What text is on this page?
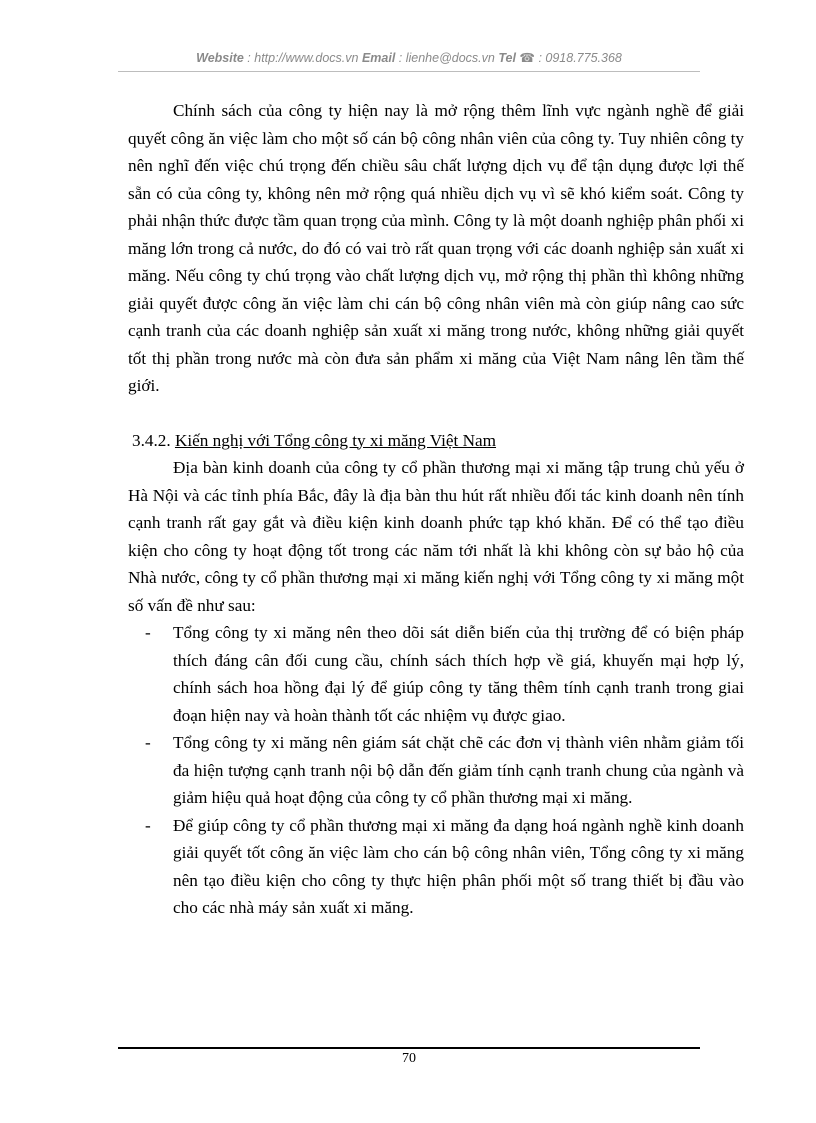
Website : http://www.docs.vn Email : lienhe@docs.vn Tel ☎ : 0918.775.368

Chính sách của công ty hiện nay là mở rộng thêm lĩnh vực ngành nghề để giải quyết công ăn việc làm cho một số cán bộ công nhân viên của công ty. Tuy nhiên công ty nên nghĩ đến việc chú trọng đến chiều sâu chất lượng dịch vụ để tận dụng được lợi thế sẵn có của công ty, không nên mở rộng quá nhiều dịch vụ vì sẽ khó kiểm soát. Công ty phải nhận thức được tầm quan trọng của mình. Công ty là một doanh nghiệp phân phối xi măng lớn trong cả nước, do đó có vai trò rất quan trọng với các doanh nghiệp sản xuất xi măng. Nếu công ty chú trọng vào chất lượng dịch vụ, mở rộng thị phần thì không những giải quyết được công ăn việc làm chi cán bộ công nhân viên mà còn giúp nâng cao sức cạnh tranh của các doanh nghiệp sản xuất xi măng trong nước, không những giải quyết tốt thị phần trong nước mà còn đưa sản phẩm xi măng của Việt Nam nâng lên tầm thế giới.

3.4.2. Kiến nghị với Tổng công ty xi măng Việt Nam

Địa bàn kinh doanh của công ty cổ phần thương mại xi măng tập trung chủ yếu ở Hà Nội và các tỉnh phía Bắc, đây là địa bàn thu hút rất nhiều đối tác kinh doanh nên tính cạnh tranh rất gay gắt và điều kiện kinh doanh phức tạp khó khăn. Để có thể tạo điều kiện cho công ty hoạt động tốt trong các năm tới nhất là khi không còn sự bảo hộ của Nhà nước, công ty cổ phần thương mại xi măng kiến nghị với Tổng công ty xi măng một số vấn đề như sau:

- Tổng công ty xi măng nên theo dõi sát diễn biến của thị trường để có biện pháp thích đáng cân đối cung cầu, chính sách thích hợp về giá, khuyến mại hợp lý, chính sách hoa hồng đại lý để giúp công ty tăng thêm tính cạnh tranh trong giai đoạn hiện nay và hoàn thành tốt các nhiệm vụ được giao.
- Tổng công ty xi măng nên giám sát chặt chẽ các đơn vị thành viên nhằm giảm tối đa hiện tượng cạnh tranh nội bộ dẫn đến giảm tính cạnh tranh chung của ngành và giảm hiệu quả hoạt động của công ty cổ phần thương mại xi măng.
- Để giúp công ty cổ phần thương mại xi măng đa dạng hoá ngành nghề kinh doanh giải quyết tốt công ăn việc làm cho cán bộ công nhân viên, Tổng công ty xi măng nên tạo điều kiện cho công ty thực hiện phân phối một số trang thiết bị đầu vào cho các nhà máy sản xuất xi măng.
70
